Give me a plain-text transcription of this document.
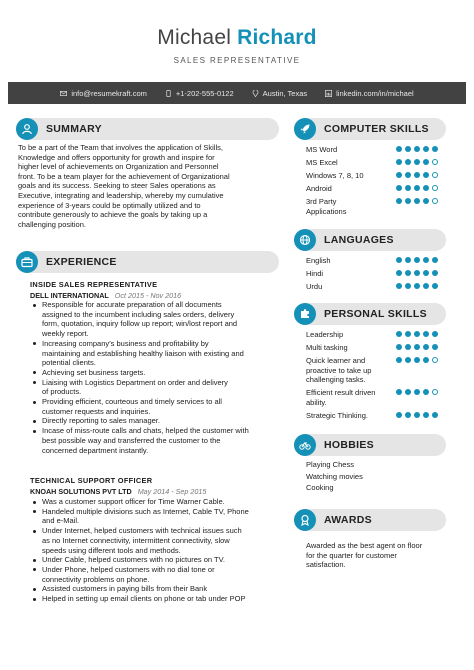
Michael Richard
SALES REPRESENTATIVE
info@resumekraft.com	+1-202-555-0122	Austin, Texas	linkedin.com/in/michael
SUMMARY
To be a part of the Team that involves the application of Skills,
Knowledge and offers opportunity for growth and inspire for
higher level of achievements on Organization and Personnel
front. To be a team player for the achievement of Organizational
goals and its success. Seeking to steer Sales operations as
Executive, integrating and leadership, whereby my cumulative
experience of 3-years could be optimally utilized and to
contribute generously to achieve the goals by taking up a
challenging position.
EXPERIENCE
INSIDE SALES REPRESENTATIVE
DELL INTERNATIONAL Oct 2015 - Nov 2016
Responsible for accurate preparation of all documents
assigned to the incumbent including sales orders, delivery
form, quotation, inquiry follow up report; win/lost report and
weekly report.
Increasing company’s business and profitability by
maintaining and establishing healthy liaison with existing and
potential clients.
Achieving set business targets.
Liaising with Logistics Department on order and delivery
of products.
Providing efficient, courteous and timely services to all
customer requests and inquiries.
Directly reporting to sales manager.
Incase of miss-route calls and chats, helped the customer with
best possible way and transferred the customer to the
concerned department instantly.
TECHNICAL SUPPORT OFFICER
KNOAH SOLUTIONS PVT LTD May 2014 - Sep 2015
Was a customer support officer for Time Warner Cable.
Handeled multiple divisions such as Internet, Cable TV, Phone
and e-Mail.
Under Internet, helped customers with technical issues such
as no Internet connectivity, intermittent connectivity, slow
speeds using different tools and methods.
Under Cable, helped customers with no pictures on TV.
Under Phone, helped customers with no dial tone or
connectivity problems on phone.
Assisted customers in paying bills from their Bank
Helped in setting up email clients on phone or tab under POP
COMPUTER SKILLS
MS Word
MS Excel
Windows 7, 8, 10
Android
3rd Party
Applications
LANGUAGES
English
Hindi
Urdu
PERSONAL SKILLS
Leadership
Multi tasking
Quick learner and
proactive to take up
challenging tasks.
Efficient result driven
ability.
Strategic Thinking.
HOBBIES
Playing Chess
Watching movies
Cooking
AWARDS
Awarded as the best agent on floor
for the quarter for customer
satisfaction.
